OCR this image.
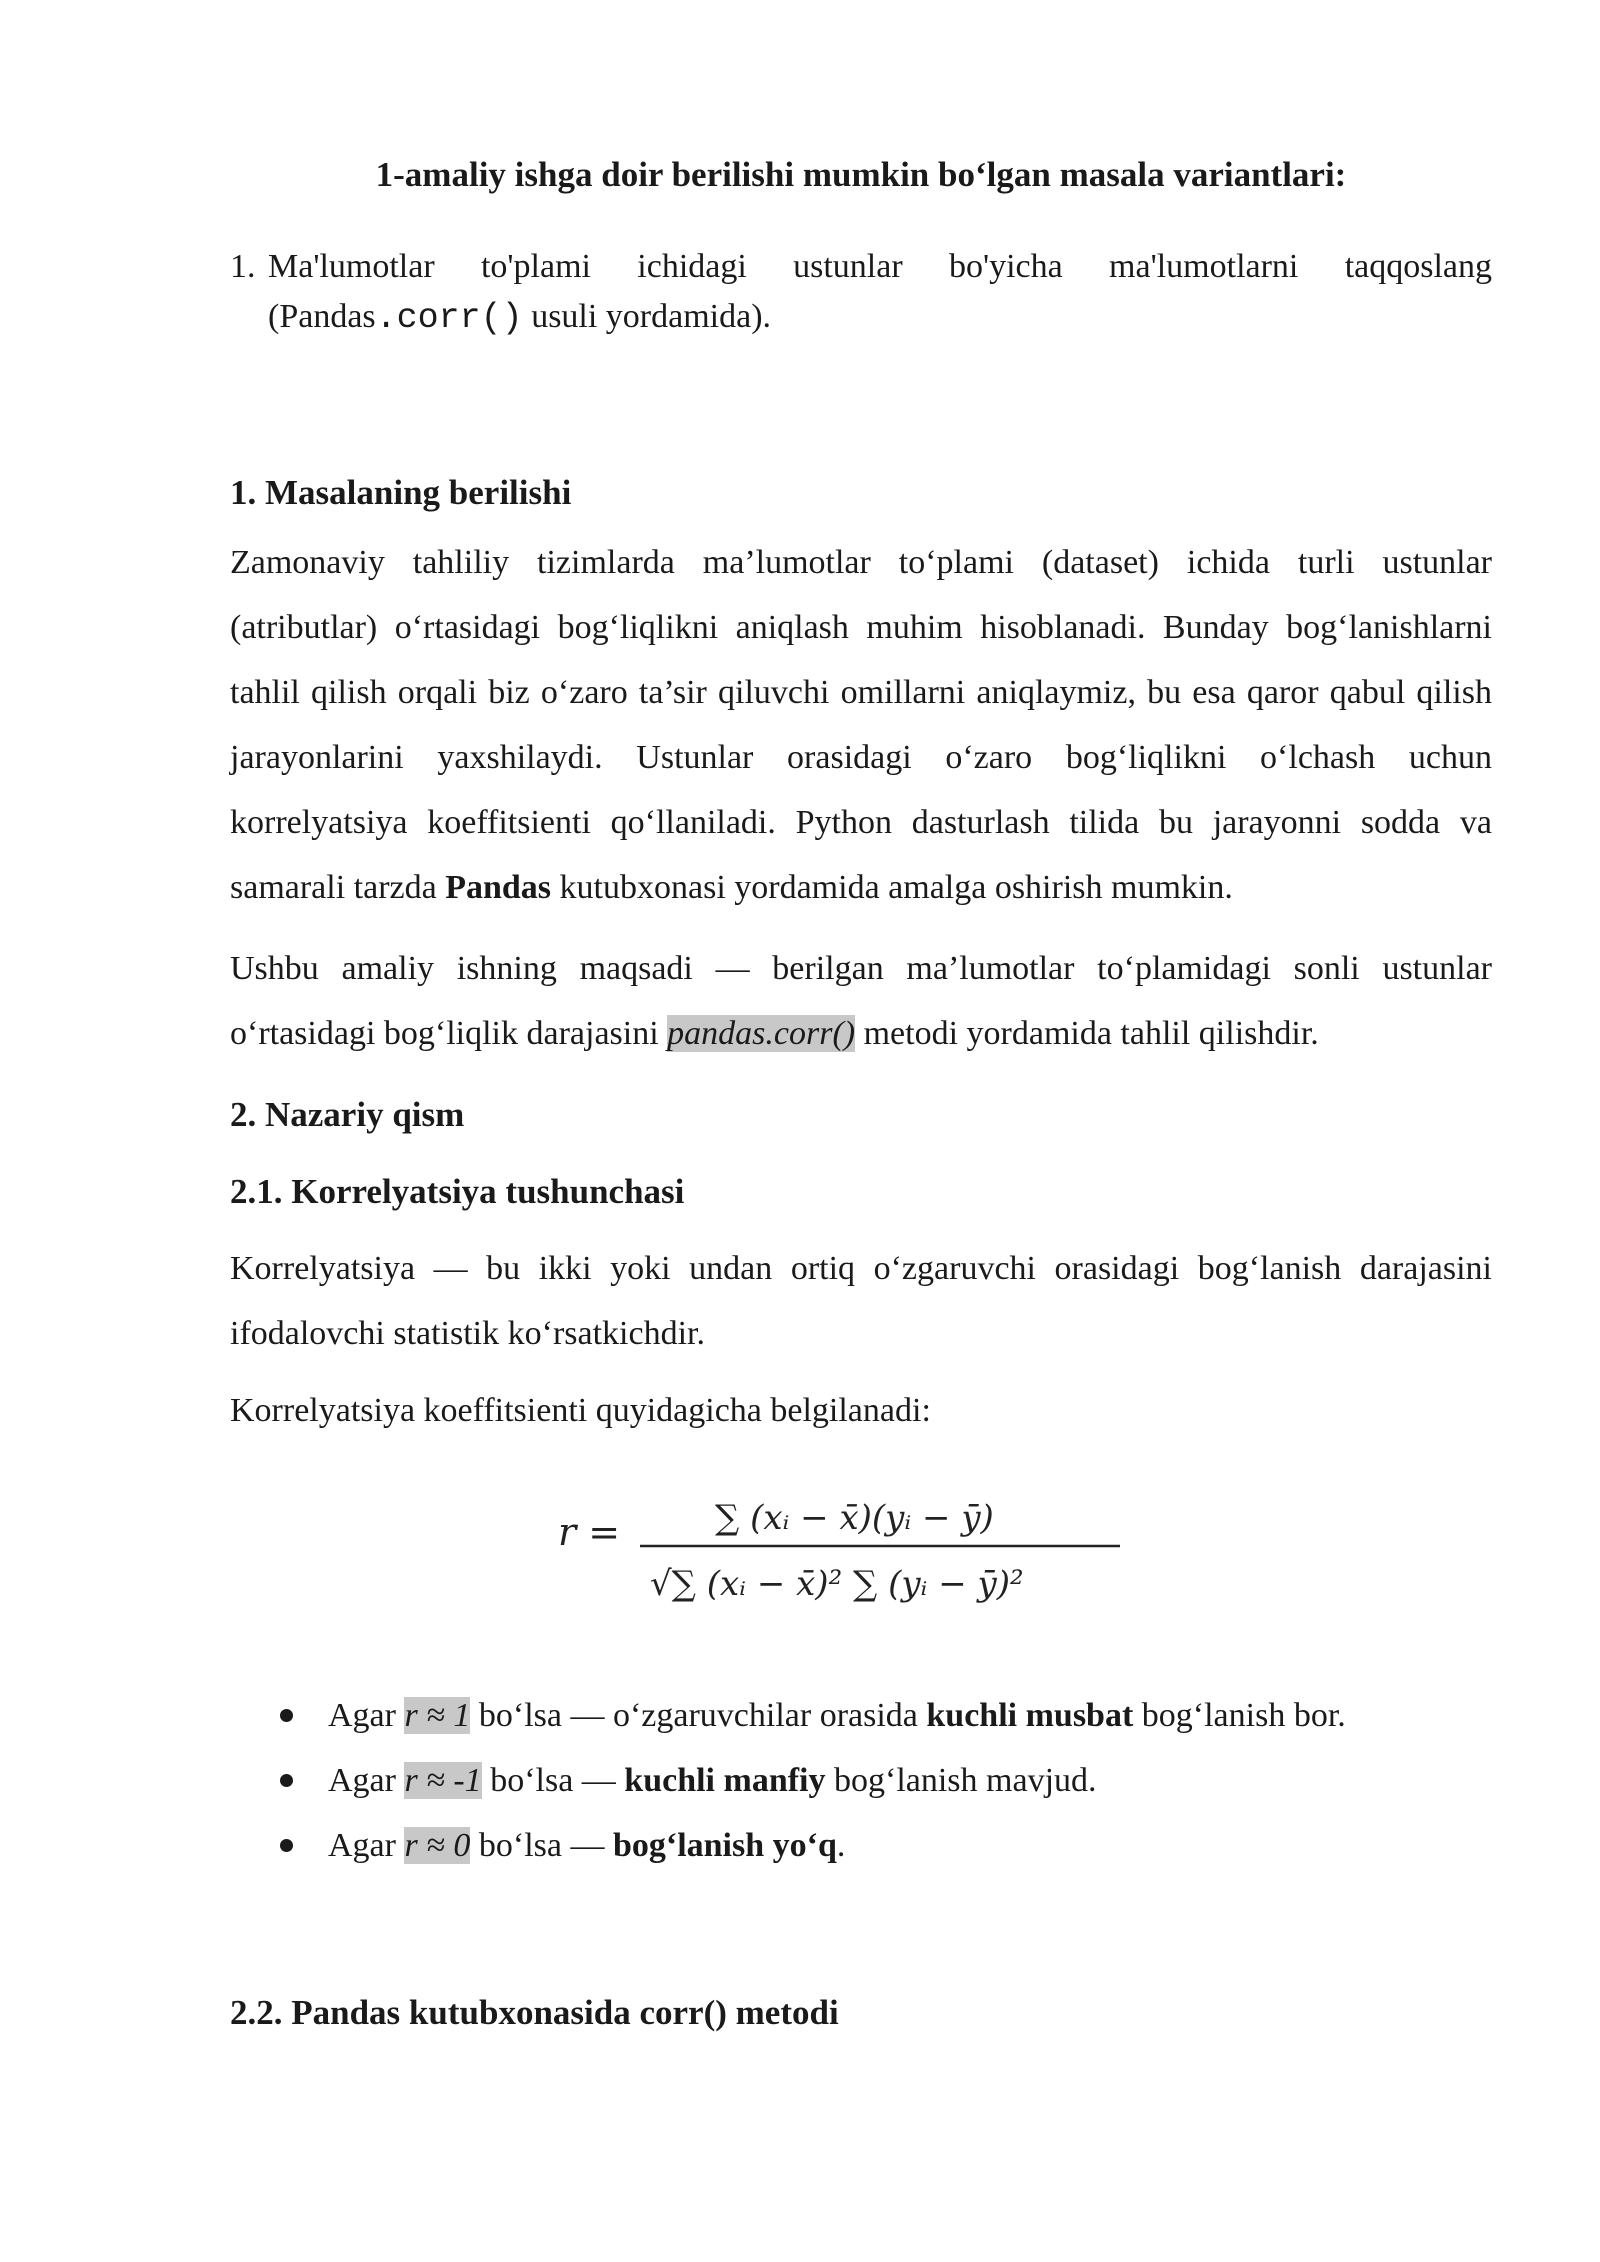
1-amaliy ishga doir berilishi mumkin bo‘lgan masala variantlari:
1. Ma'lumotlar to'plami ichidagi ustunlar bo'yicha ma'lumotlarni taqqoslang (Pandas.corr() usuli yordamida).
1. Masalaning berilishi

Zamonaviy tahliliy tizimlarda ma’lumotlar to‘plami (dataset) ichida turli ustunlar (atributlar) o‘rtasidagi bog‘liqlikni aniqlash muhim hisoblanadi. Bunday bog‘lanishlarni tahlil qilish orqali biz o‘zaro ta’sir qiluvchi omillarni aniqlaymiz, bu esa qaror qabul qilish jarayonlarini yaxshilaydi. Ustunlar orasidagi o‘zaro bog‘liqlikni o‘lchash uchun korrelyatsiya koeffitsienti qo‘llaniladi. Python dasturlash tilida bu jarayonni sodda va samarali tarzda Pandas kutubxonasi yordamida amalga oshirish mumkin.

Ushbu amaliy ishning maqsadi — berilgan ma’lumotlar to‘plamidagi sonli ustunlar o‘rtasidagi bog‘liqlik darajasini pandas.corr() metodi yordamida tahlil qilishdir.

2. Nazariy qism
2.1. Korrelyatsiya tushunchasi

Korrelyatsiya — bu ikki yoki undan ortiq o‘zgaruvchi orasidagi bog‘lanish darajasini ifodalovchi statistik ko‘rsatkichdir.

Korrelyatsiya koeffitsienti quyidagicha belgilanadi:

r =	∑ (xᵢ − x̄)(yᵢ − ȳ)
√∑ (xᵢ − x̄)² ∑ (yᵢ − ȳ)²
Agar r ≈ 1 bo‘lsa — o‘zgaruvchilar orasida kuchli musbat bog‘lanish bor.
Agar r ≈ -1 bo‘lsa — kuchli manfiy bog‘lanish mavjud.
Agar r ≈ 0 bo‘lsa — bog‘lanish yo‘q.
2.2. Pandas kutubxonasida corr() metodi
